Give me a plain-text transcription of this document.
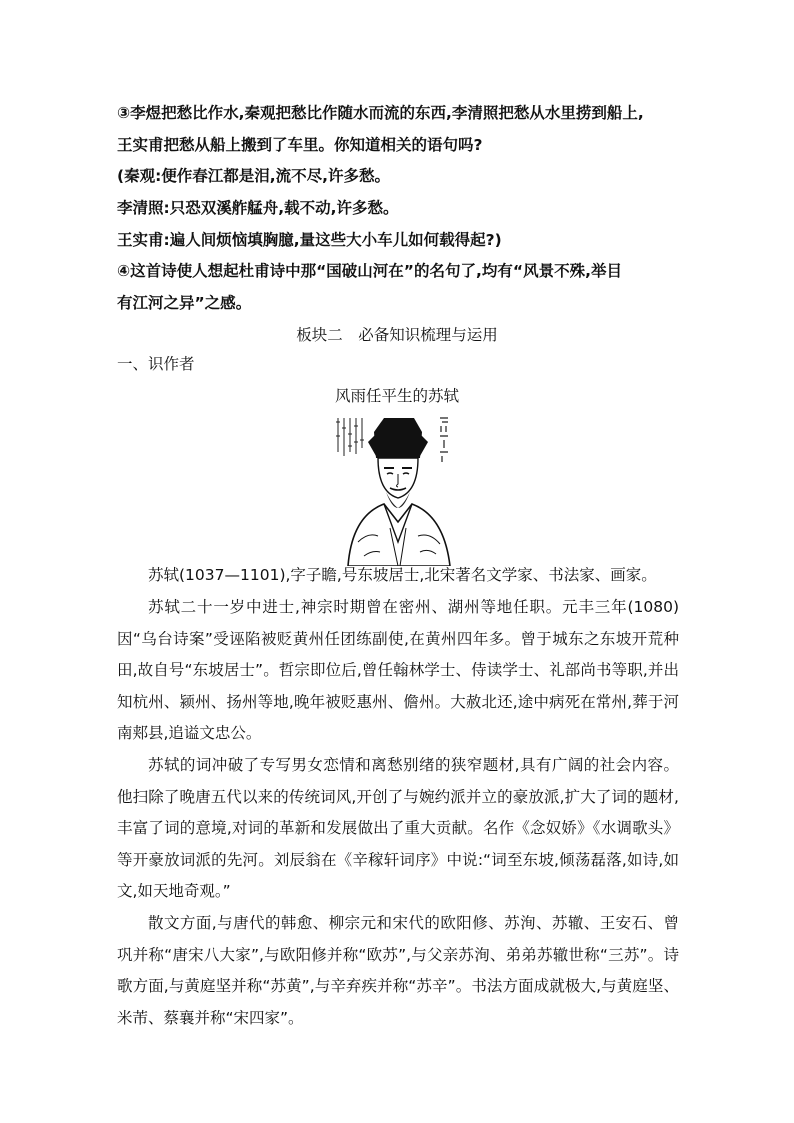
③李煜把愁比作水,秦观把愁比作随水而流的东西,李清照把愁从水里捞到船上,
王实甫把愁从船上搬到了车里。你知道相关的语句吗?
(秦观:便作春江都是泪,流不尽,许多愁。
李清照:只恐双溪舴艋舟,载不动,许多愁。
王实甫:遍人间烦恼填胸臆,量这些大小车儿如何载得起?)
④这首诗使人想起杜甫诗中那“国破山河在”的名句了,均有“风景不殊,举目
有江河之异”之感。
板块二　必备知识梳理与运用
一、识作者
风雨任平生的苏轼
苏轼(1037—1101),字子瞻,号东坡居士,北宋著名文学家、书法家、画家。
苏轼二十一岁中进士,神宗时期曾在密州、湖州等地任职。元丰三年(1080)因“乌台诗案”受诬陷被贬黄州任团练副使,在黄州四年多。曾于城东之东坡开荒种田,故自号“东坡居士”。哲宗即位后,曾任翰林学士、侍读学士、礼部尚书等职,并出知杭州、颍州、扬州等地,晚年被贬惠州、儋州。大赦北还,途中病死在常州,葬于河南郏县,追谥文忠公。
苏轼的词冲破了专写男女恋情和离愁别绪的狭窄题材,具有广阔的社会内容。他扫除了晚唐五代以来的传统词风,开创了与婉约派并立的豪放派,扩大了词的题材,丰富了词的意境,对词的革新和发展做出了重大贡献。名作《念奴娇》《水调歌头》等开豪放词派的先河。刘辰翁在《辛稼轩词序》中说:“词至东坡,倾荡磊落,如诗,如文,如天地奇观。”
散文方面,与唐代的韩愈、柳宗元和宋代的欧阳修、苏洵、苏辙、王安石、曾巩并称“唐宋八大家”,与欧阳修并称“欧苏”,与父亲苏洵、弟弟苏辙世称“三苏”。诗歌方面,与黄庭坚并称“苏黄”,与辛弃疾并称“苏辛”。书法方面成就极大,与黄庭坚、米芾、蔡襄并称“宋四家”。
